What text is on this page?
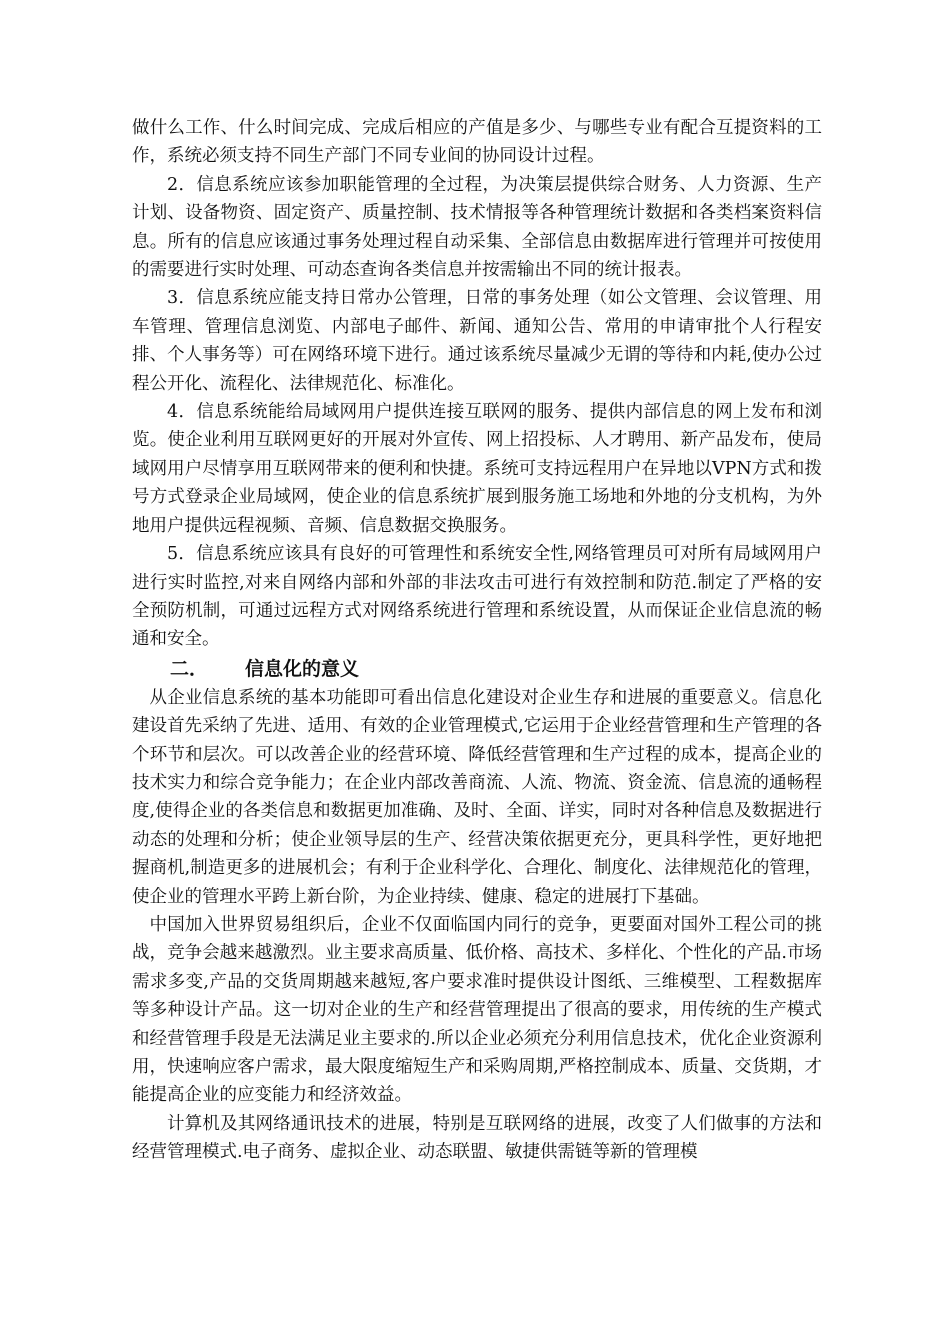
做什么工作、什么时间完成、完成后相应的产值是多少、与哪些专业有配合互提资料的工作，系统必须支持不同生产部门不同专业间的协同设计过程。

2．信息系统应该参加职能管理的全过程，为决策层提供综合财务、人力资源、生产计划、设备物资、固定资产、质量控制、技术情报等各种管理统计数据和各类档案资料信息。所有的信息应该通过事务处理过程自动采集、全部信息由数据库进行管理并可按使用的需要进行实时处理、可动态查询各类信息并按需输出不同的统计报表。

3．信息系统应能支持日常办公管理，日常的事务处理（如公文管理、会议管理、用车管理、管理信息浏览、内部电子邮件、新闻、通知公告、常用的申请审批个人行程安排、个人事务等）可在网络环境下进行。通过该系统尽量减少无谓的等待和内耗,使办公过程公开化、流程化、法律规范化、标准化。

4．信息系统能给局域网用户提供连接互联网的服务、提供内部信息的网上发布和浏览。使企业利用互联网更好的开展对外宣传、网上招投标、人才聘用、新产品发布，使局域网用户尽情享用互联网带来的便利和快捷。系统可支持远程用户在异地以VPN方式和拨号方式登录企业局域网，使企业的信息系统扩展到服务施工场地和外地的分支机构，为外地用户提供远程视频、音频、信息数据交换服务。

5．信息系统应该具有良好的可管理性和系统安全性,网络管理员可对所有局域网用户进行实时监控,对来自网络内部和外部的非法攻击可进行有效控制和防范.制定了严格的安全预防机制，可通过远程方式对网络系统进行管理和系统设置，从而保证企业信息流的畅通和安全。

二． 信息化的意义

从企业信息系统的基本功能即可看出信息化建设对企业生存和进展的重要意义。信息化建设首先采纳了先进、适用、有效的企业管理模式,它运用于企业经营管理和生产管理的各个环节和层次。可以改善企业的经营环境、降低经营管理和生产过程的成本，提高企业的技术实力和综合竞争能力；在企业内部改善商流、人流、物流、资金流、信息流的通畅程度,使得企业的各类信息和数据更加准确、及时、全面、详实，同时对各种信息及数据进行动态的处理和分析；使企业领导层的生产、经营决策依据更充分，更具科学性，更好地把握商机,制造更多的进展机会；有利于企业科学化、合理化、制度化、法律规范化的管理，使企业的管理水平跨上新台阶，为企业持续、健康、稳定的进展打下基础。

中国加入世界贸易组织后，企业不仅面临国内同行的竞争，更要面对国外工程公司的挑战，竞争会越来越激烈。业主要求高质量、低价格、高技术、多样化、个性化的产品.市场需求多变,产品的交货周期越来越短,客户要求准时提供设计图纸、三维模型、工程数据库等多种设计产品。这一切对企业的生产和经营管理提出了很高的要求，用传统的生产模式和经营管理手段是无法满足业主要求的.所以企业必须充分利用信息技术，优化企业资源利用，快速响应客户需求，最大限度缩短生产和采购周期,严格控制成本、质量、交货期，才能提高企业的应变能力和经济效益。

计算机及其网络通讯技术的进展，特别是互联网络的进展，改变了人们做事的方法和经营管理模式.电子商务、虚拟企业、动态联盟、敏捷供需链等新的管理模
